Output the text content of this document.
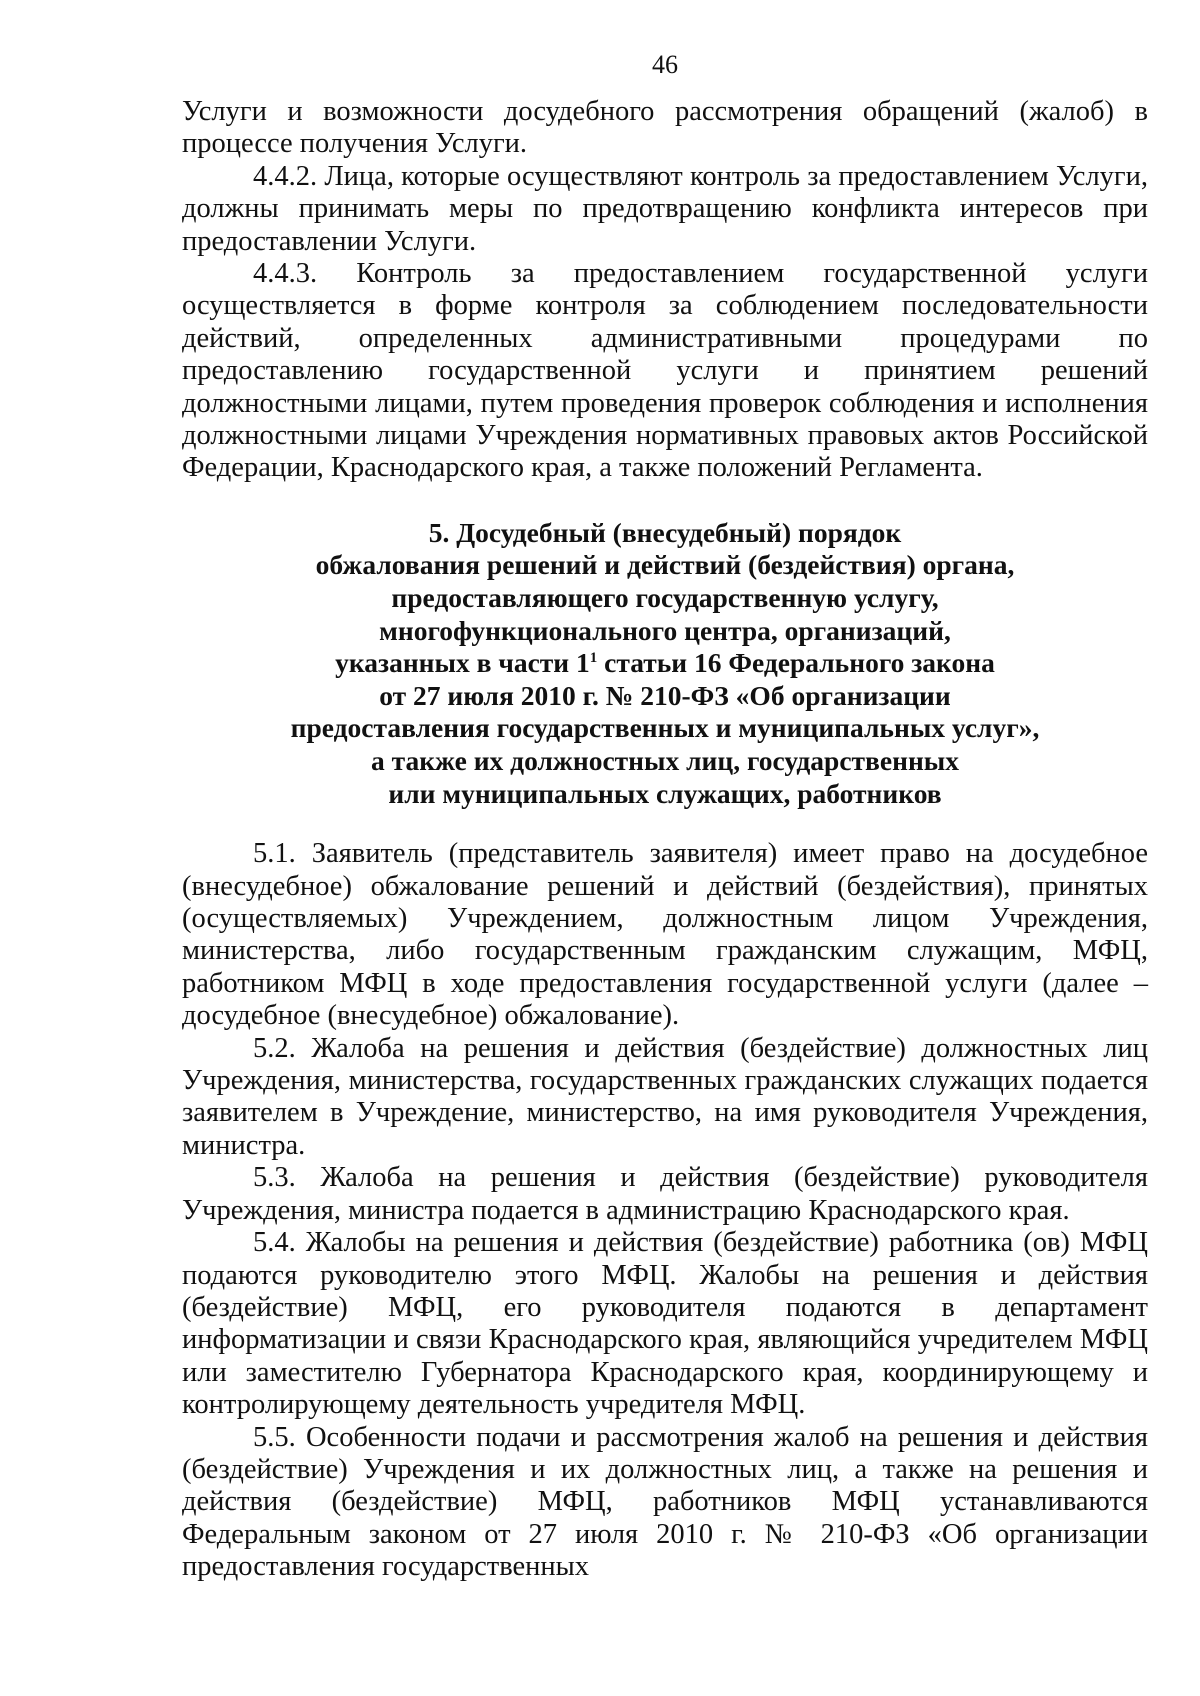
46

Услуги и возможности досудебного рассмотрения обращений (жалоб) в процессе получения Услуги.

4.4.2. Лица, которые осуществляют контроль за предоставлением Услуги, должны принимать меры по предотвращению конфликта интересов при предоставлении Услуги.

4.4.3. Контроль за предоставлением государственной услуги осуществляется в форме контроля за соблюдением последовательности действий, определенных административными процедурами по предоставлению государственной услуги и принятием решений должностными лицами, путем проведения проверок соблюдения и исполнения должностными лицами Учреждения нормативных правовых актов Российской Федерации, Краснодарского края, а также положений Регламента.

5. Досудебный (внесудебный) порядок
обжалования решений и действий (бездействия) органа,
предоставляющего государственную услугу,
многофункционального центра, организаций,
указанных в части $1^1$ статьи 16 Федерального закона
от 27 июля 2010 г. № 210-ФЗ «Об организации
предоставления государственных и муниципальных услуг»,
а также их должностных лиц, государственных
или муниципальных служащих, работников

5.1. Заявитель (представитель заявителя) имеет право на досудебное (внесудебное) обжалование решений и действий (бездействия), принятых (осуществляемых) Учреждением, должностным лицом Учреждения, министерства, либо государственным гражданским служащим, МФЦ, работником МФЦ в ходе предоставления государственной услуги (далее – досудебное (внесудебное) обжалование).

5.2. Жалоба на решения и действия (бездействие) должностных лиц Учреждения, министерства, государственных гражданских служащих подается заявителем в Учреждение, министерство, на имя руководителя Учреждения, министра.

5.3. Жалоба на решения и действия (бездействие) руководителя Учреждения, министра подается в администрацию Краснодарского края.

5.4. Жалобы на решения и действия (бездействие) работника (ов) МФЦ подаются руководителю этого МФЦ. Жалобы на решения и действия (бездействие) МФЦ, его руководителя подаются в департамент информатизации и связи Краснодарского края, являющийся учредителем МФЦ или заместителю Губернатора Краснодарского края, координирующему и контролирующему деятельность учредителя МФЦ.

5.5. Особенности подачи и рассмотрения жалоб на решения и действия (бездействие) Учреждения и их должностных лиц, а также на решения и действия (бездействие) МФЦ, работников МФЦ устанавливаются Федеральным законом от 27 июля 2010 г. № 210-ФЗ «Об организации предоставления государственных
